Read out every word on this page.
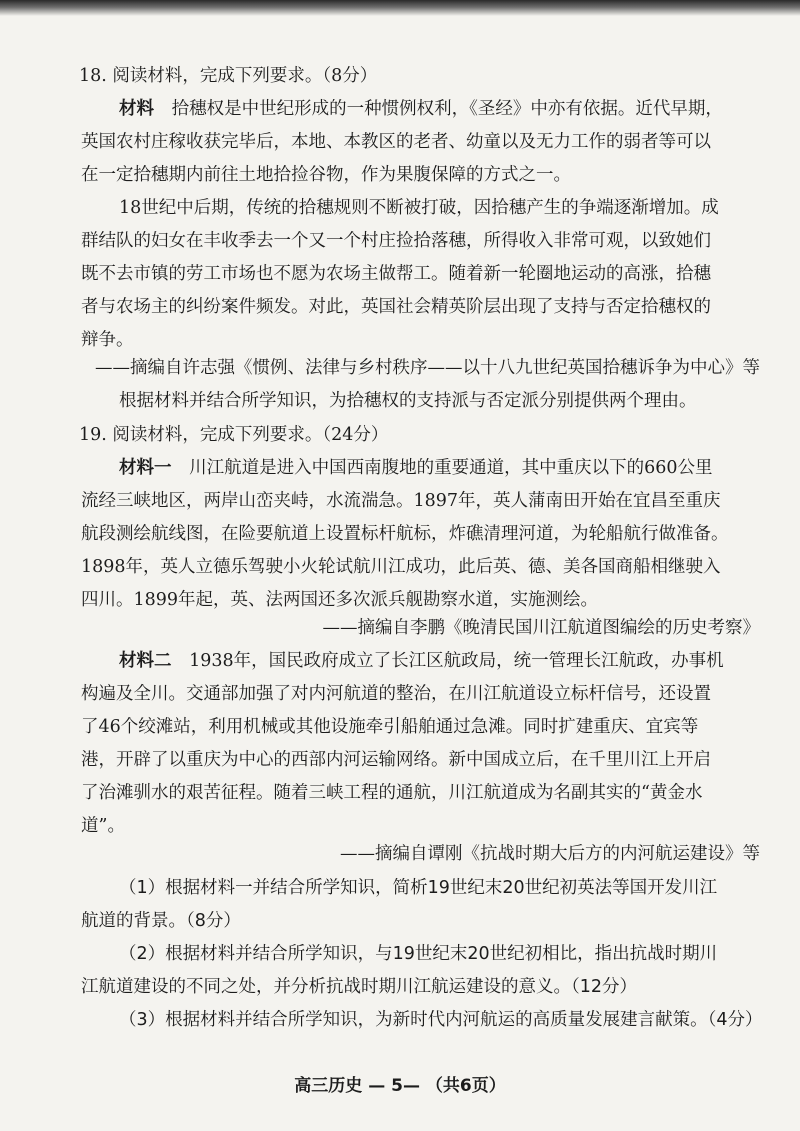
18. 阅读材料，完成下列要求。（8分）
材料 拾穗权是中世纪形成的一种惯例权利，《圣经》中亦有依据。近代早期，
英国农村庄稼收获完毕后，本地、本教区的老者、幼童以及无力工作的弱者等可以
在一定拾穗期内前往土地拾捡谷物，作为果腹保障的方式之一。
18世纪中后期，传统的拾穗规则不断被打破，因拾穗产生的争端逐渐增加。成
群结队的妇女在丰收季去一个又一个村庄捡拾落穗，所得收入非常可观，以致她们
既不去市镇的劳工市场也不愿为农场主做帮工。随着新一轮圈地运动的高涨，拾穗
者与农场主的纠纷案件频发。对此，英国社会精英阶层出现了支持与否定拾穗权的
辩争。
——摘编自许志强《惯例、法律与乡村秩序——以十八九世纪英国拾穗诉争为中心》等
根据材料并结合所学知识，为拾穗权的支持派与否定派分别提供两个理由。
19. 阅读材料，完成下列要求。（24分）
材料一 川江航道是进入中国西南腹地的重要通道，其中重庆以下的660公里
流经三峡地区，两岸山峦夹峙，水流湍急。1897年，英人蒲南田开始在宜昌至重庆
航段测绘航线图，在险要航道上设置标杆航标，炸礁清理河道，为轮船航行做准备。
1898年，英人立德乐驾驶小火轮试航川江成功，此后英、德、美各国商船相继驶入
四川。1899年起，英、法两国还多次派兵舰勘察水道，实施测绘。
——摘编自李鹏《晚清民国川江航道图编绘的历史考察》
材料二 1938年，国民政府成立了长江区航政局，统一管理长江航政，办事机
构遍及全川。交通部加强了对内河航道的整治，在川江航道设立标杆信号，还设置
了46个绞滩站，利用机械或其他设施牵引船舶通过急滩。同时扩建重庆、宜宾等
港，开辟了以重庆为中心的西部内河运输网络。新中国成立后，在千里川江上开启
了治滩驯水的艰苦征程。随着三峡工程的通航，川江航道成为名副其实的“黄金水
道”。
——摘编自谭刚《抗战时期大后方的内河航运建设》等
（1）根据材料一并结合所学知识，简析19世纪末20世纪初英法等国开发川江
航道的背景。（8分）
（2）根据材料并结合所学知识，与19世纪末20世纪初相比，指出抗战时期川
江航道建设的不同之处，并分析抗战时期川江航运建设的意义。（12分）
（3）根据材料并结合所学知识，为新时代内河航运的高质量发展建言献策。（4分）
高三历史 — 5— （共6页）
